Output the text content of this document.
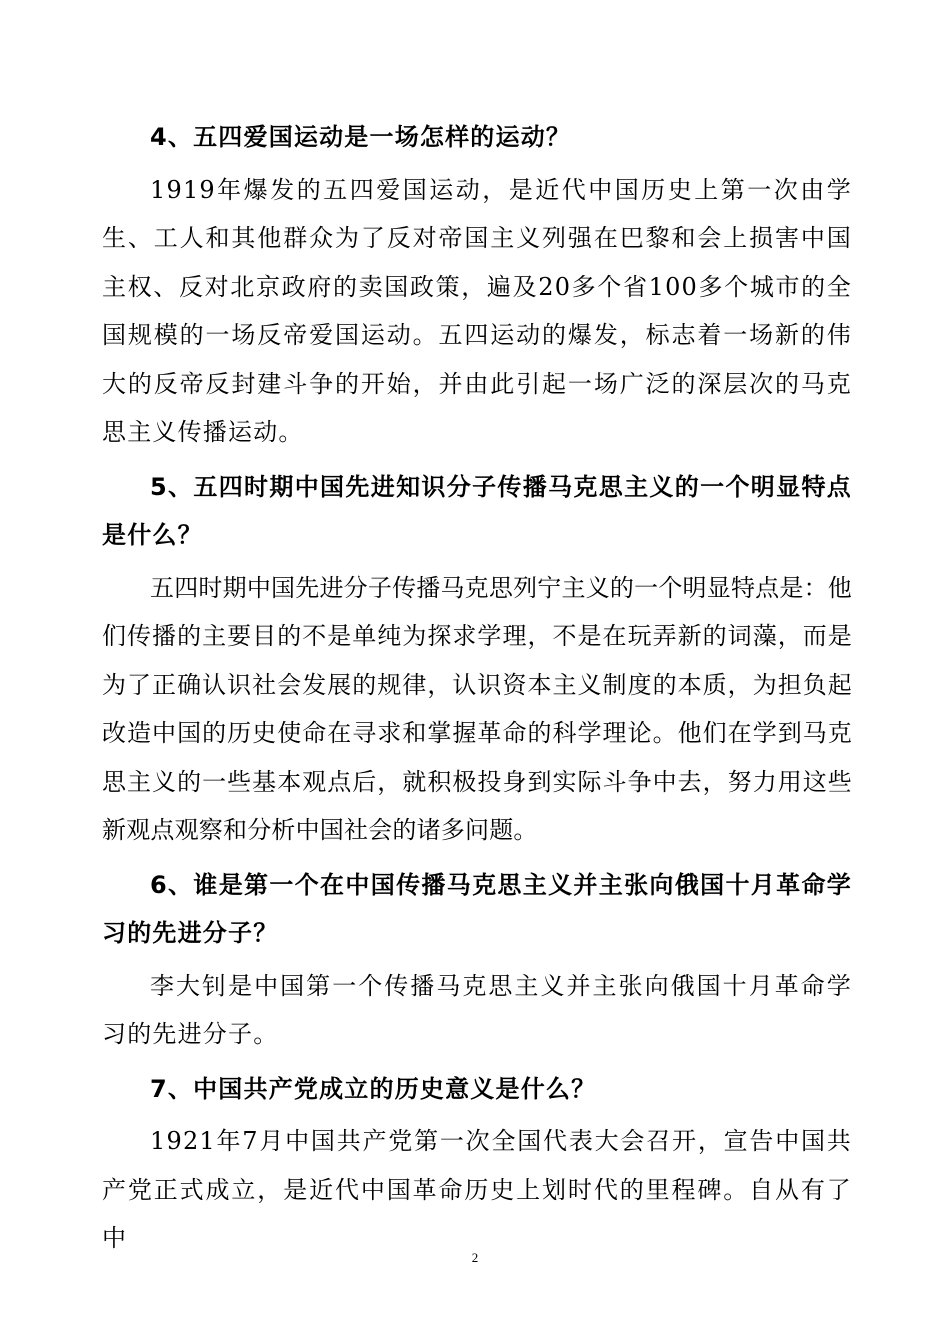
4、五四爱国运动是一场怎样的运动？

1919年爆发的五四爱国运动，是近代中国历史上第一次由学生、工人和其他群众为了反对帝国主义列强在巴黎和会上损害中国主权、反对北京政府的卖国政策，遍及20多个省100多个城市的全国规模的一场反帝爱国运动。五四运动的爆发，标志着一场新的伟大的反帝反封建斗争的开始，并由此引起一场广泛的深层次的马克思主义传播运动。

5、五四时期中国先进知识分子传播马克思主义的一个明显特点是什么？

五四时期中国先进分子传播马克思列宁主义的一个明显特点是：他们传播的主要目的不是单纯为探求学理，不是在玩弄新的词藻，而是为了正确认识社会发展的规律，认识资本主义制度的本质，为担负起改造中国的历史使命在寻求和掌握革命的科学理论。他们在学到马克思主义的一些基本观点后，就积极投身到实际斗争中去，努力用这些新观点观察和分析中国社会的诸多问题。

6、谁是第一个在中国传播马克思主义并主张向俄国十月革命学习的先进分子？

李大钊是中国第一个传播马克思主义并主张向俄国十月革命学习的先进分子。

7、中国共产党成立的历史意义是什么？

1921年7月中国共产党第一次全国代表大会召开，宣告中国共产党正式成立，是近代中国革命历史上划时代的里程碑。自从有了中

2
